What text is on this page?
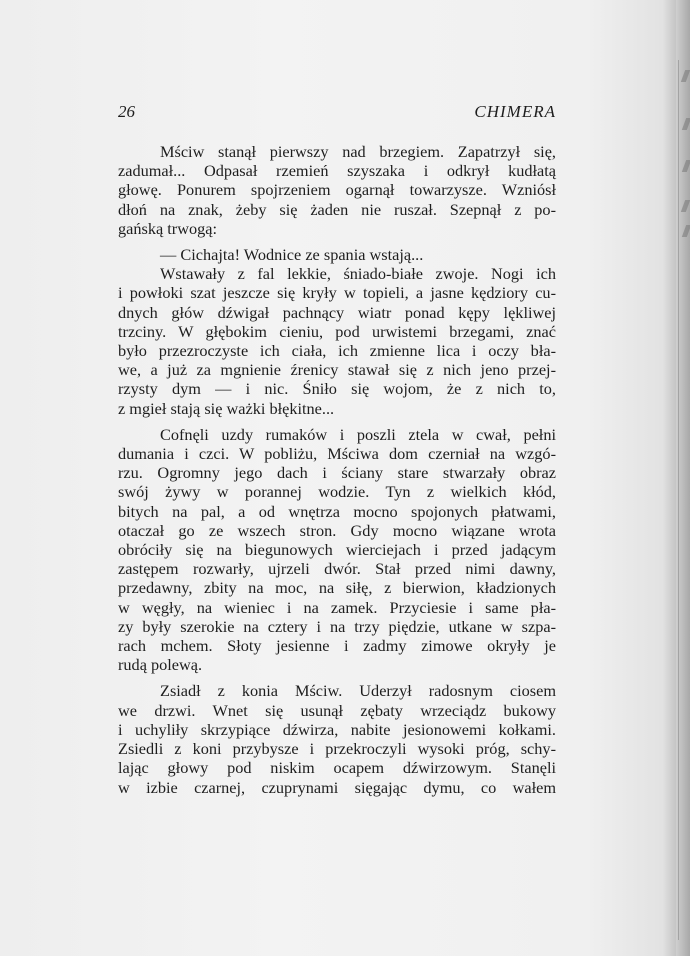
26	CHIMERA

Mściw stanął pierwszy nad brzegiem. Zapatrzył się,
zadumał... Odpasał rzemień szyszaka i odkrył kudłatą
głowę. Ponurem spojrzeniem ogarnął towarzysze. Wzniósł
dłoń na znak, żeby się żaden nie ruszał. Szepnął z po-
gańską trwogą:

— Cichajta! Wodnice ze spania wstają...

Wstawały z fal lekkie, śniado-białe zwoje. Nogi ich
i powłoki szat jeszcze się kryły w topieli, a jasne kędziory cu-
dnych głów dźwigał pachnący wiatr ponad kępy lękliwej
trzciny. W głębokim cieniu, pod urwistemi brzegami, znać
było przezroczyste ich ciała, ich zmienne lica i oczy bła-
we, a już za mgnienie źrenicy stawał się z nich jeno przej-
rzysty dym — i nic. Śniło się wojom, że z nich to,
z mgieł stają się ważki błękitne...

Cofnęli uzdy rumaków i poszli ztela w cwał, pełni
dumania i czci. W pobliżu, Mściwa dom czerniał na wzgó-
rzu. Ogromny jego dach i ściany stare stwarzały obraz
swój żywy w porannej wodzie. Tyn z wielkich kłód,
bitych na pal, a od wnętrza mocno spojonych płatwami,
otaczał go ze wszech stron. Gdy mocno wiązane wrota
obróciły się na biegunowych wierciejach i przed jadącym
zastępem rozwarły, ujrzeli dwór. Stał przed nimi dawny,
przedawny, zbity na moc, na siłę, z bierwion, kładzionych
w węgły, na wieniec i na zamek. Przyciesie i same pła-
zy były szerokie na cztery i na trzy piędzie, utkane w szpa-
rach mchem. Słoty jesienne i zadmy zimowe okryły je
rudą polewą.

Zsiadł z konia Mściw. Uderzył radosnym ciosem
we drzwi. Wnet się usunął zębaty wrzeciądz bukowy
i uchyliły skrzypiące dźwirza, nabite jesionowemi kołkami.
Zsiedli z koni przybysze i przekroczyli wysoki próg, schy-
lając głowy pod niskim ocapem dźwirzowym. Stanęli
w izbie czarnej, czuprynami sięgając dymu, co wałem
